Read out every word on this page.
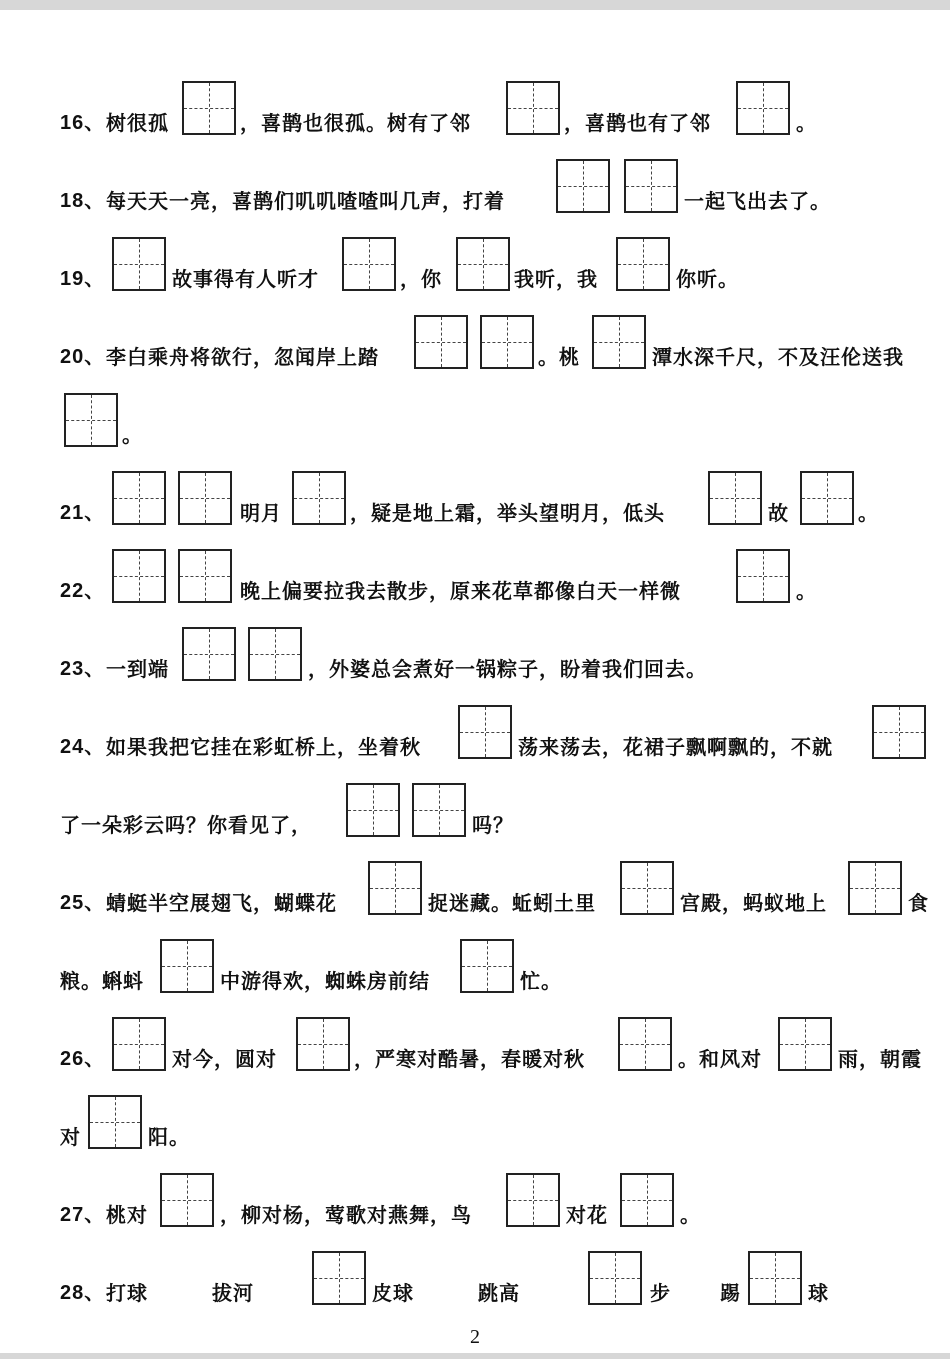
16、 树很孤	，喜鹊也很孤。树有了邻	，喜鹊也有了邻	。
18、 每天天一亮，喜鹊们叽叽喳喳叫几声，打着	一起飞出去了。
19、	故事得有人听才	，你	我听，我	你听。
20、 李白乘舟将欲行，忽闻岸上踏	。桃	潭水深千尺，不及汪伦送我
。
21、	明月	，疑是地上霜，举头望明月，低头	故	。
22、	晚上偏要拉我去散步，原来花草都像白天一样微	。
23、 一到端	，外婆总会煮好一锅粽子，盼着我们回去。
24、 如果我把它挂在彩虹桥上，坐着秋	荡来荡去，花裙子飘啊飘的，不就
了一朵彩云吗？你看见了，	吗？
25、 蜻蜓半空展翅飞，蝴蝶花	捉迷藏。蚯蚓土里	宫殿，蚂蚁地上	食
粮。蝌蚪	中游得欢，蜘蛛房前结	忙。
26、	对今，圆对	，严寒对酷暑，春暖对秋	。和风对	雨，朝霞
对	阳。
27、 桃对	，柳对杨，莺歌对燕舞，鸟	对花	。
28、 打球	拔河	皮球	跳高	步 踢	球
2
